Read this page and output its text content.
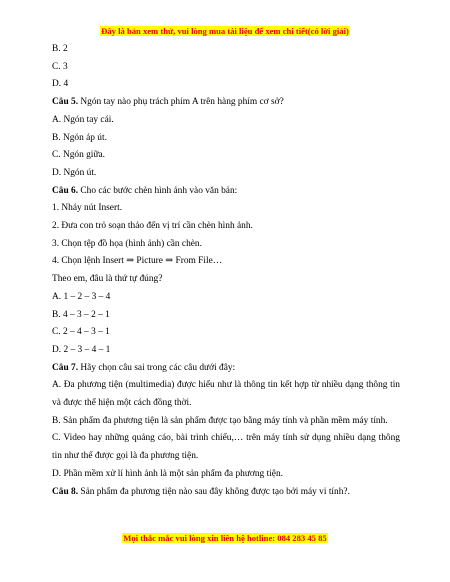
Đây là bản xem thử, vui lòng mua tài liệu để xem chi tiết(có lời giải)
B. 2
C. 3
D. 4
Câu 5. Ngón tay nào phụ trách phím A trên hàng phím cơ sở?
A. Ngón tay cái.
B. Ngón áp út.
C. Ngón giữa.
D. Ngón út.
Câu 6. Cho các bước chèn hình ảnh vào văn bản:
1. Nháy nút Insert.
2. Đưa con trỏ soạn thảo đến vị trí cần chèn hình ảnh.
3. Chọn tệp đồ họa (hình ảnh) cần chèn.
4. Chọn lệnh Insert ⇒ Picture ⇒ From File…
Theo em, đâu là thứ tự đúng?
A. 1 – 2 – 3 – 4
B. 4 – 3 – 2 – 1
C. 2 – 4 – 3 – 1
D. 2 – 3 – 4 – 1
Câu 7. Hãy chọn câu sai trong các câu dưới đây:
A. Đa phương tiện (multimedia) được hiểu như là thông tin kết hợp từ nhiều dạng thông tin và được thể hiện một cách đồng thời.
B. Sản phẩm đa phương tiện là sản phẩm được tạo bằng máy tính và phần mềm máy tính.
C. Video hay những quảng cáo, bài trình chiếu,… trên máy tính sử dụng nhiều dạng thông tin như thế được gọi là đa phương tiện.
D. Phần mềm xử lí hình ảnh là một sản phẩm đa phương tiện.
Câu 8. Sản phẩm đa phương tiện nào sau đây không được tạo bởi máy vi tính?.
Mọi thắc mắc vui lòng xin liên hệ hotline: 084 283 45 85
